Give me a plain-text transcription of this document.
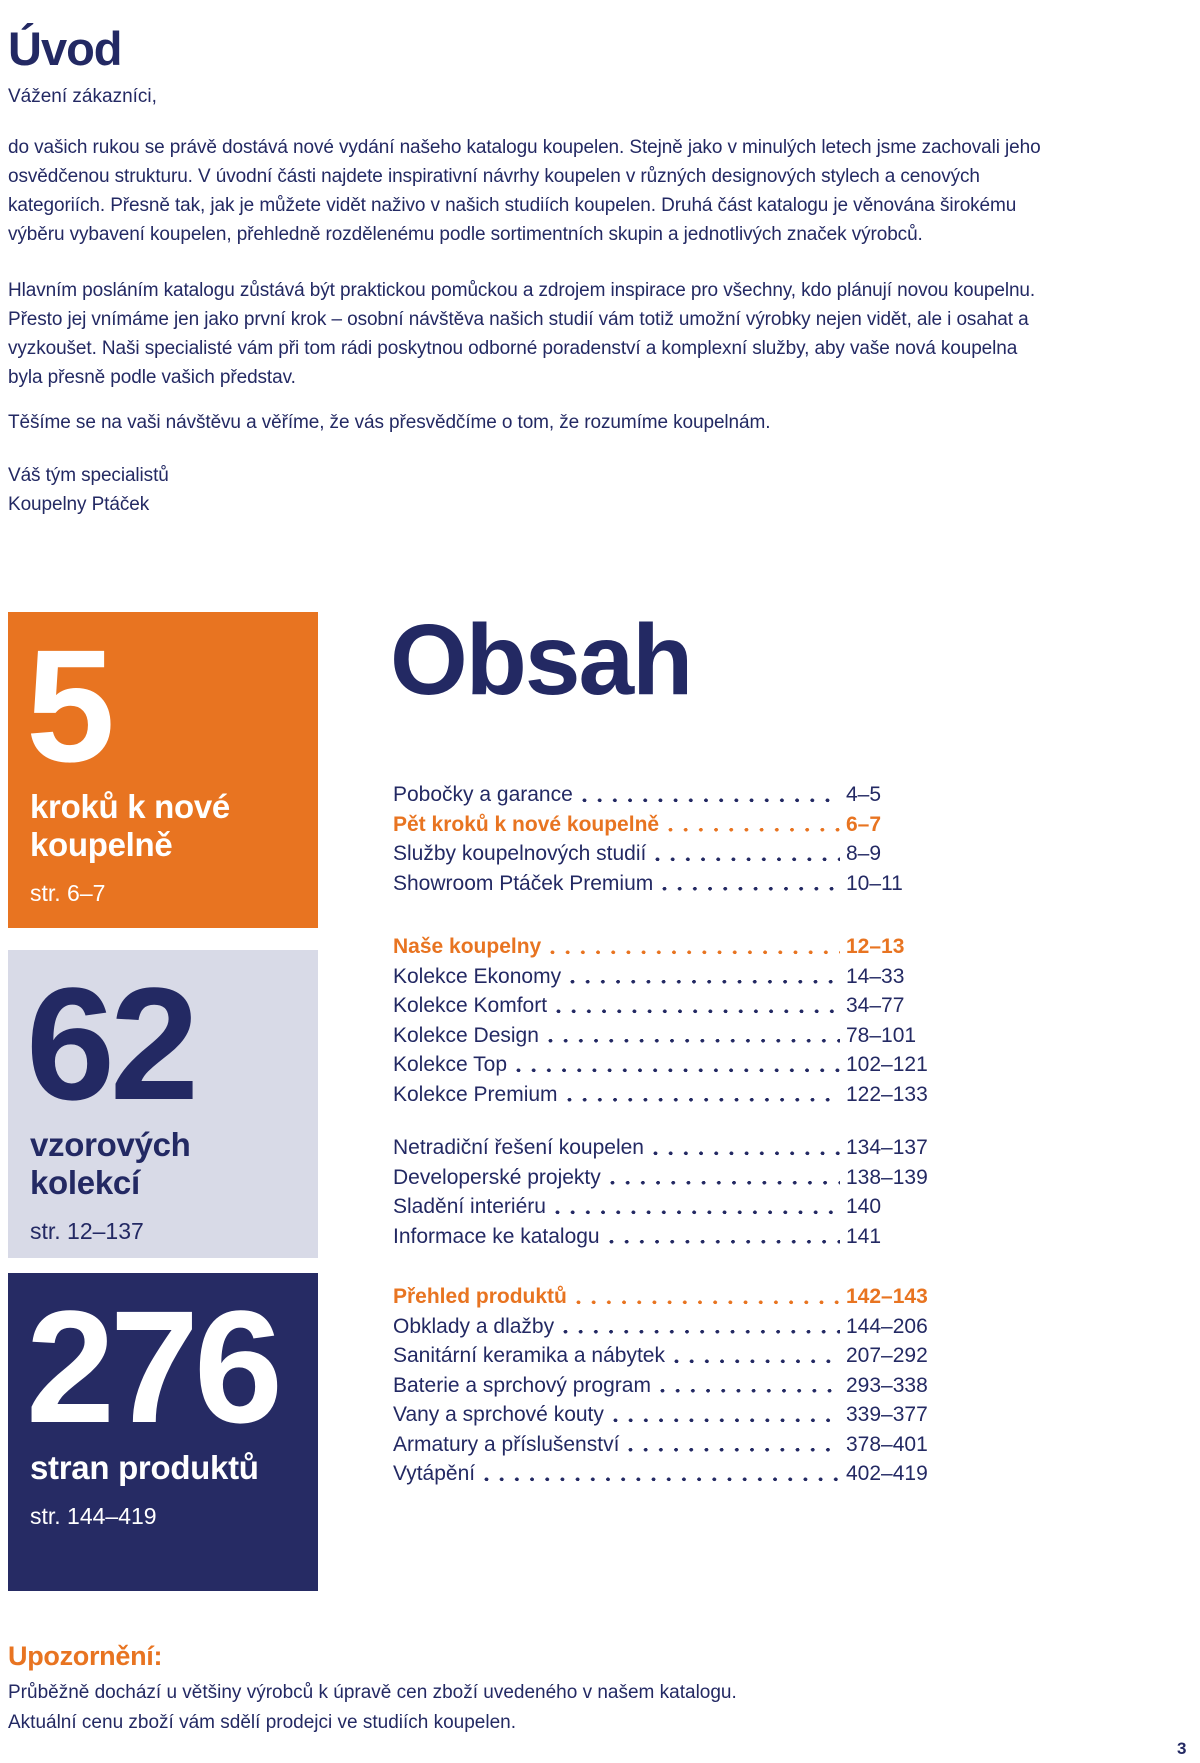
Úvod
Vážení zákazníci,
do vašich rukou se právě dostává nové vydání našeho katalogu koupelen. Stejně jako v minulých letech jsme zachovali jeho osvědčenou strukturu. V úvodní části najdete inspirativní návrhy koupelen v různých designových stylech a cenových kategoriích. Přesně tak, jak je můžete vidět naživo v našich studiích koupelen. Druhá část katalogu je věnována širokému výběru vybavení koupelen, přehledně rozdělenému podle sortimentních skupin a jednotlivých značek výrobců.
Hlavním posláním katalogu zůstává být praktickou pomůckou a zdrojem inspirace pro všechny, kdo plánují novou koupelnu. Přesto jej vnímáme jen jako první krok – osobní návštěva našich studií vám totiž umožní výrobky nejen vidět, ale i osahat a vyzkoušet. Naši specialisté vám při tom rádi poskytnou odborné poradenství a komplexní služby, aby vaše nová koupelna byla přesně podle vašich představ.
Těšíme se na vaši návštěvu a věříme, že vás přesvědčíme o tom, že rozumíme koupelnám.
Váš tým specialistů
Koupelny Ptáček
5
kroků k nové koupelně
str. 6–7
62
vzorových kolekcí
str. 12–137
276
stran produktů
str. 144–419
Obsah
Pobočky a garance	4–5
Pět kroků k nové koupelně	6–7
Služby koupelnových studií	8–9
Showroom Ptáček Premium	10–11
Naše koupelny	12–13
Kolekce Ekonomy	14–33
Kolekce Komfort	34–77
Kolekce Design	78–101
Kolekce Top	102–121
Kolekce Premium	122–133
Netradiční řešení koupelen	134–137
Developerské projekty	138–139
Sladění interiéru	140
Informace ke katalogu	141
Přehled produktů	142–143
Obklady a dlažby	144–206
Sanitární keramika a nábytek	207–292
Baterie a sprchový program	293–338
Vany a sprchové kouty	339–377
Armatury a příslušenství	378–401
Vytápění	402–419
Upozornění:
Průběžně dochází u většiny výrobců k úpravě cen zboží uvedeného v našem katalogu.
Aktuální cenu zboží vám sdělí prodejci ve studiích koupelen.
3
